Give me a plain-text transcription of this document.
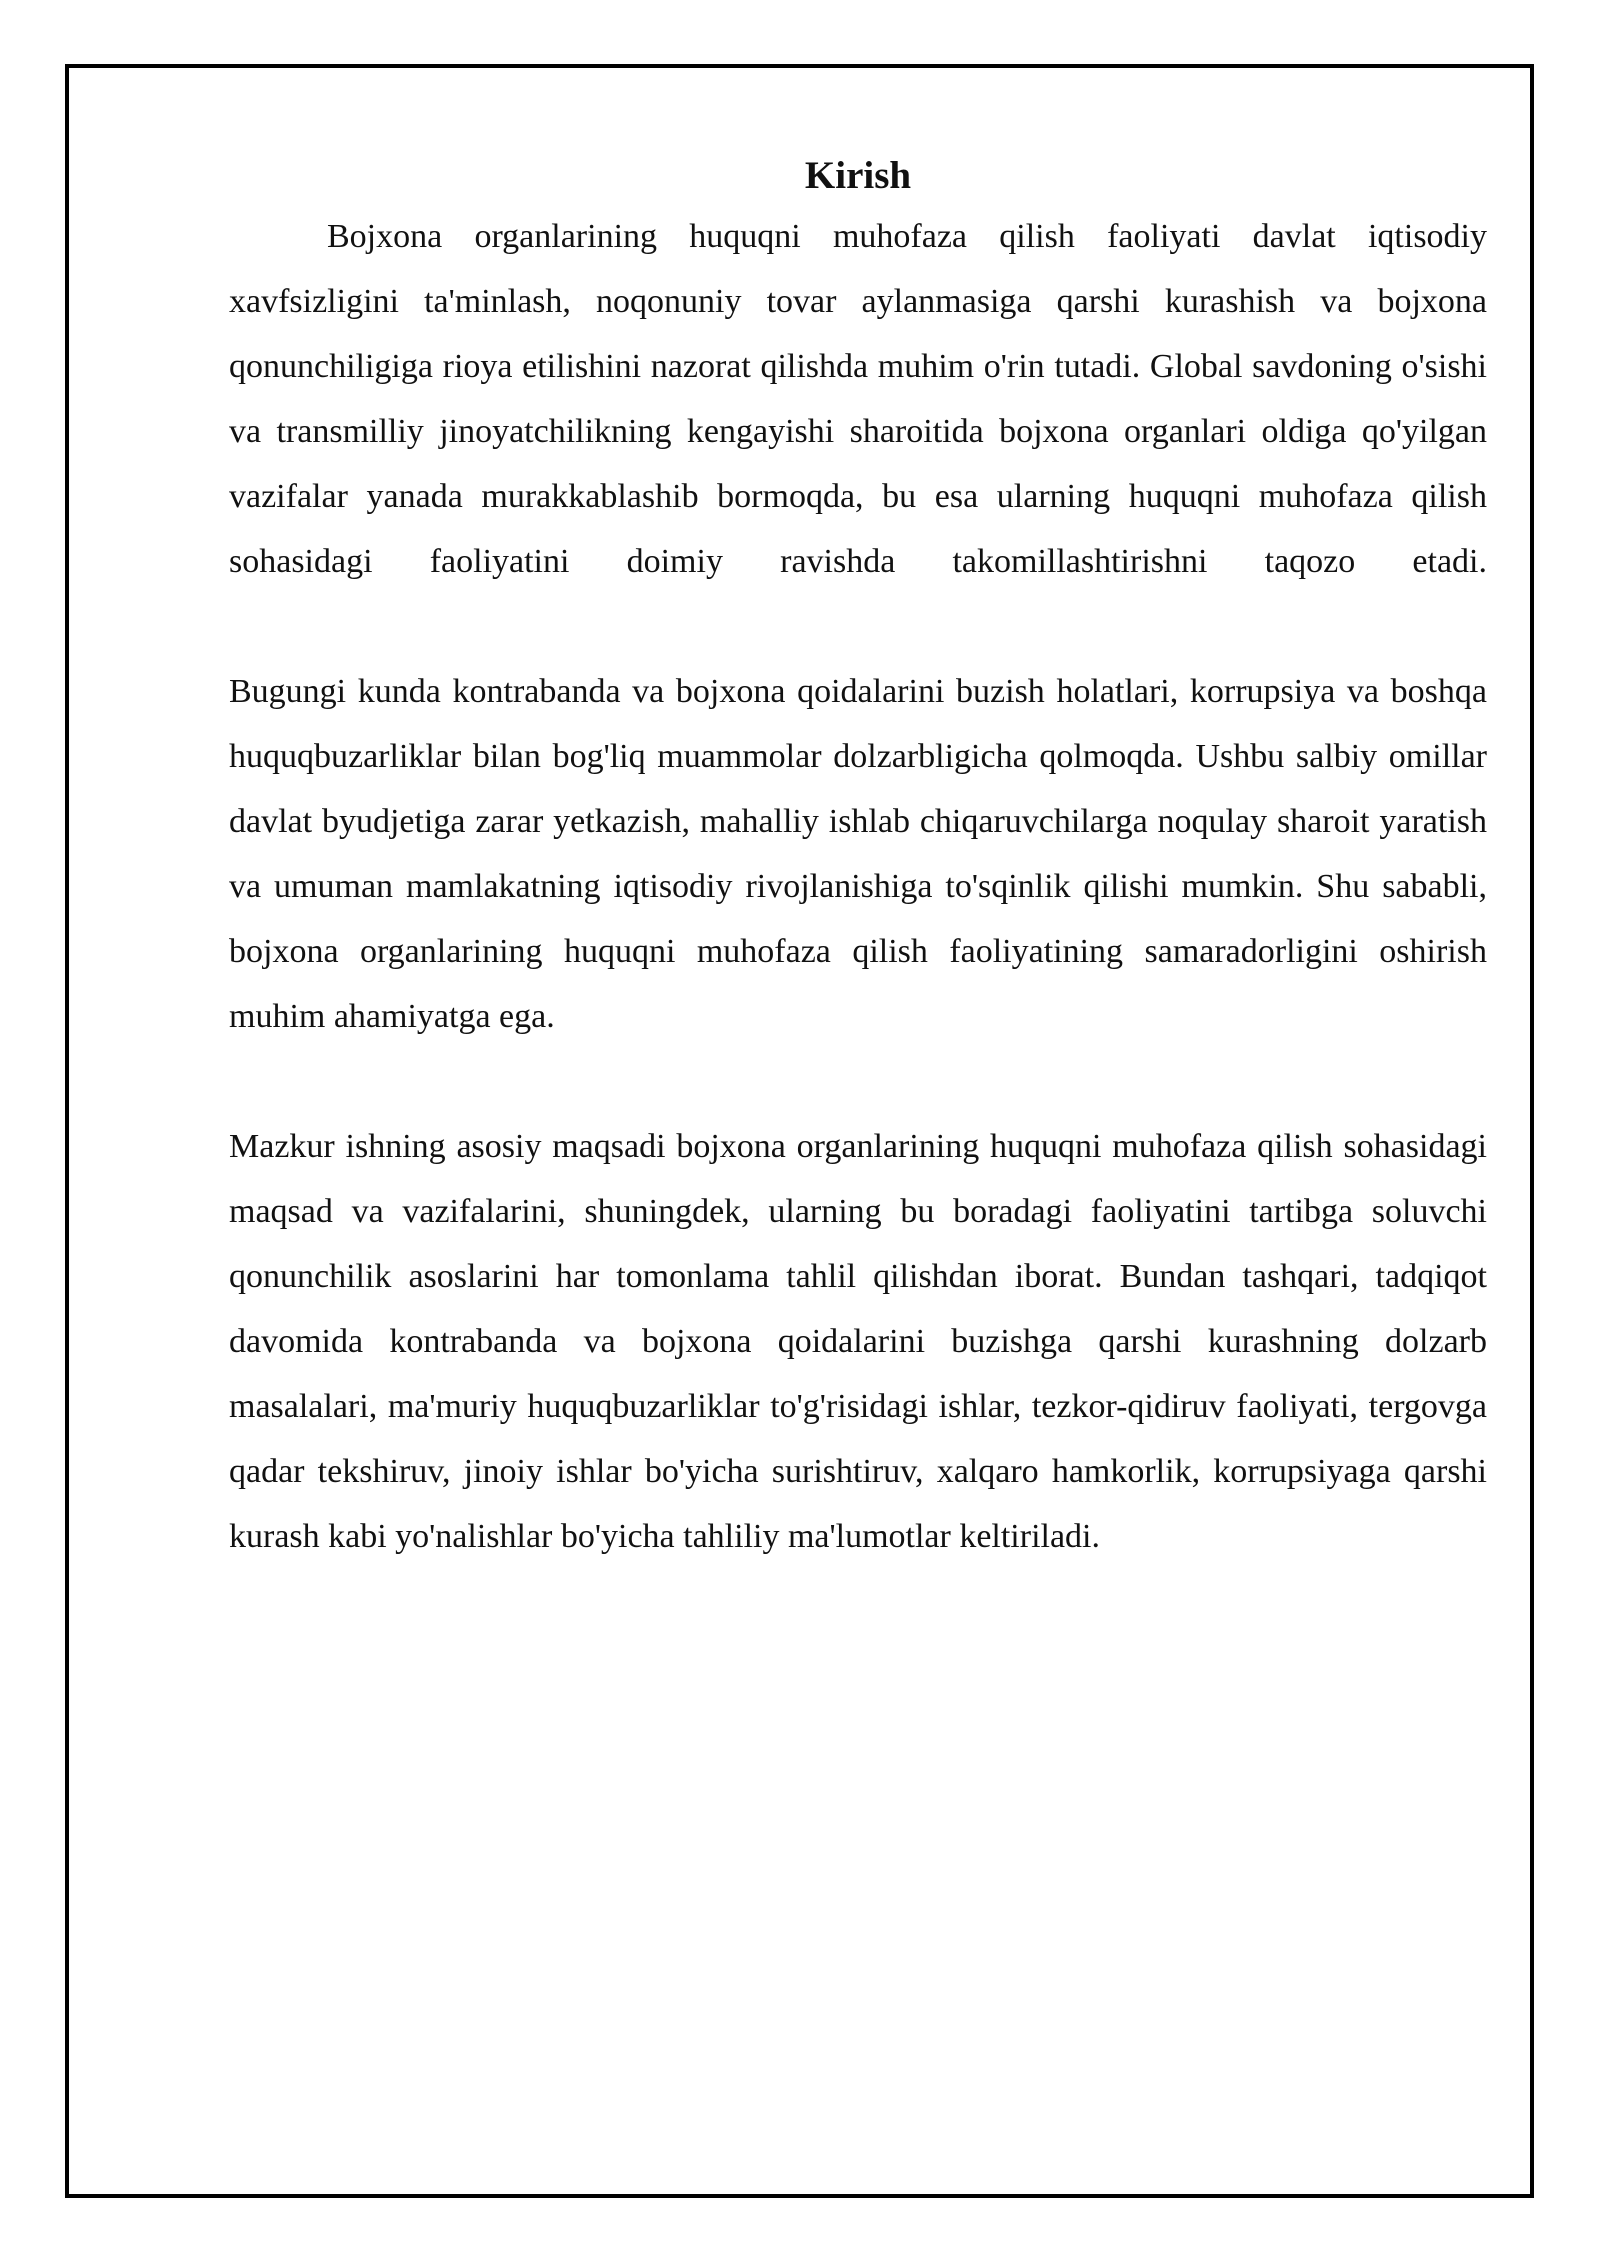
Kirish

Bojxona organlarining huquqni muhofaza qilish faoliyati davlat iqtisodiy xavfsizligini ta'minlash, noqonuniy tovar aylanmasiga qarshi kurashish va bojxona qonunchiligiga rioya etilishini nazorat qilishda muhim o'rin tutadi. Global savdoning o'sishi va transmilliy jinoyatchilikning kengayishi sharoitida bojxona organlari oldiga qo'yilgan vazifalar yanada murakkablashib bormoqda, bu esa ularning huquqni muhofaza qilish sohasidagi faoliyatini doimiy ravishda takomillashtirishni taqozo etadi.

Bugungi kunda kontrabanda va bojxona qoidalarini buzish holatlari, korrupsiya va boshqa huquqbuzarliklar bilan bog'liq muammolar dolzarbligicha qolmoqda. Ushbu salbiy omillar davlat byudjetiga zarar yetkazish, mahalliy ishlab chiqaruvchilarga noqulay sharoit yaratish va umuman mamlakatning iqtisodiy rivojlanishiga to'sqinlik qilishi mumkin. Shu sababli, bojxona organlarining huquqni muhofaza qilish faoliyatining samaradorligini oshirish muhim ahamiyatga ega.

Mazkur ishning asosiy maqsadi bojxona organlarining huquqni muhofaza qilish sohasidagi maqsad va vazifalarini, shuningdek, ularning bu boradagi faoliyatini tartibga soluvchi qonunchilik asoslarini har tomonlama tahlil qilishdan iborat. Bundan tashqari, tadqiqot davomida kontrabanda va bojxona qoidalarini buzishga qarshi kurashning dolzarb masalalari, ma'muriy huquqbuzarliklar to'g'risidagi ishlar, tezkor-qidiruv faoliyati, tergovga qadar tekshiruv, jinoiy ishlar bo'yicha surishtiruv, xalqaro hamkorlik, korrupsiyaga qarshi kurash kabi yo'nalishlar bo'yicha tahliliy ma'lumotlar keltiriladi.
